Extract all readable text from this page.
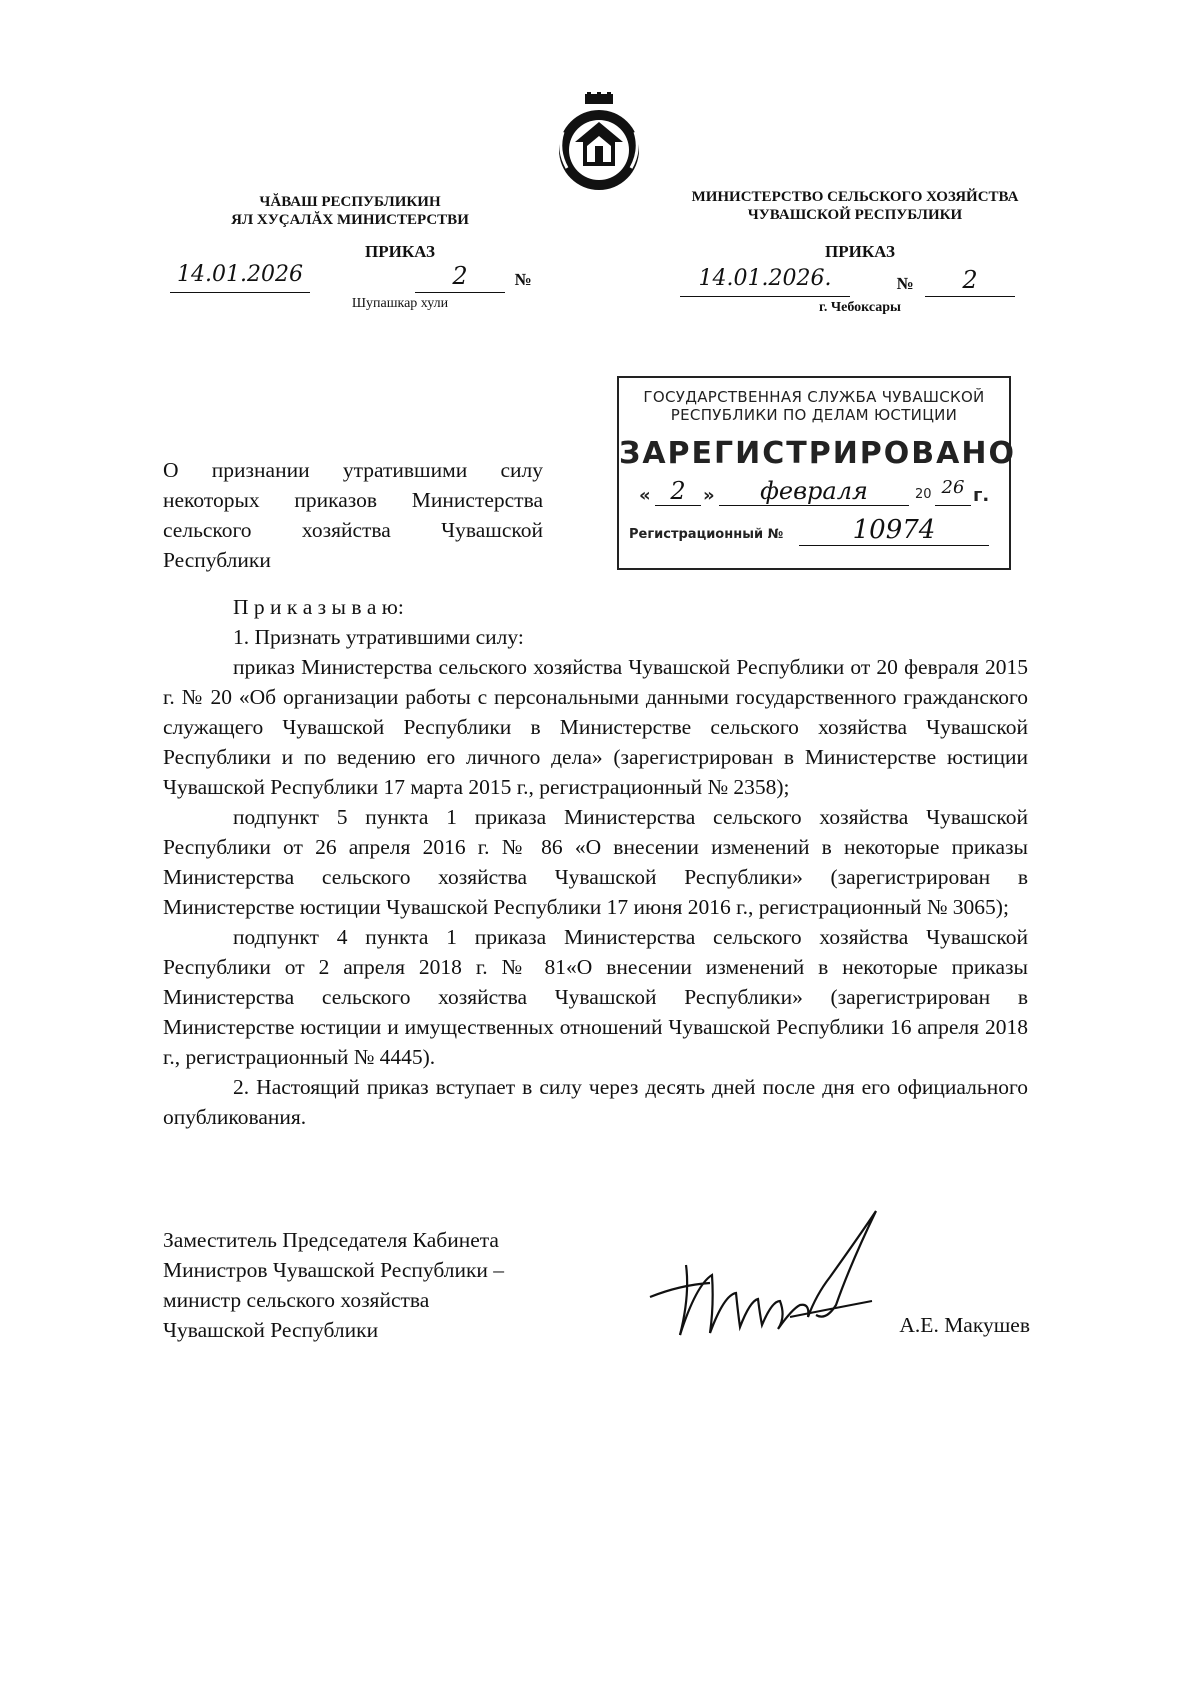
ЧĂВАШ РЕСПУБЛИКИН
ЯЛ ХУÇАЛĂХ МИНИСТЕРСТВИ
ПРИКАЗ
14.01.2026	2	№
Шупашкар хули
МИНИСТЕРСТВО СЕЛЬСКОГО ХОЗЯЙСТВА
ЧУВАШСКОЙ РЕСПУБЛИКИ
ПРИКАЗ
14.01.2026.	№	2
г. Чебоксары
ГОСУДАРСТВЕННАЯ СЛУЖБА ЧУВАШСКОЙ
РЕСПУБЛИКИ ПО ДЕЛАМ ЮСТИЦИИ
ЗАРЕГИСТРИРОВАНО
« 2 »	февраля	20 26 г.
Регистрационный №	10974
О признании утратившими силу
некоторых приказов Министерства
сельского хозяйства Чувашской
Республики

П р и к а з ы в а ю:

1. Признать утратившими силу:

приказ Министерства сельского хозяйства Чувашской Республики от 20 февраля 2015 г. № 20 «Об организации работы с персональными данными государственного гражданского служащего Чувашской Республики в Министерстве сельского хозяйства Чувашской Республики и по ведению его личного дела» (зарегистрирован в Министерстве юстиции Чувашской Республики 17 марта 2015 г., регистрационный № 2358);

подпункт 5 пункта 1 приказа Министерства сельского хозяйства Чувашской Республики от 26 апреля 2016 г. № 86 «О внесении изменений в некоторые приказы Министерства сельского хозяйства Чувашской Республики» (зарегистрирован в Министерстве юстиции Чувашской Республики 17 июня 2016 г., регистрационный № 3065);

подпункт 4 пункта 1 приказа Министерства сельского хозяйства Чувашской Республики от 2 апреля 2018 г. № 81«О внесении изменений в некоторые приказы Министерства сельского хозяйства Чувашской Республики» (зарегистрирован в Министерстве юстиции и имущественных отношений Чувашской Республики 16 апреля 2018 г., регистрационный № 4445).

2. Настоящий приказ вступает в силу через десять дней после дня его официального опубликования.

Заместитель Председателя Кабинета
Министров Чувашской Республики –
министр сельского хозяйства
Чувашской Республики	А.Е. Макушев
